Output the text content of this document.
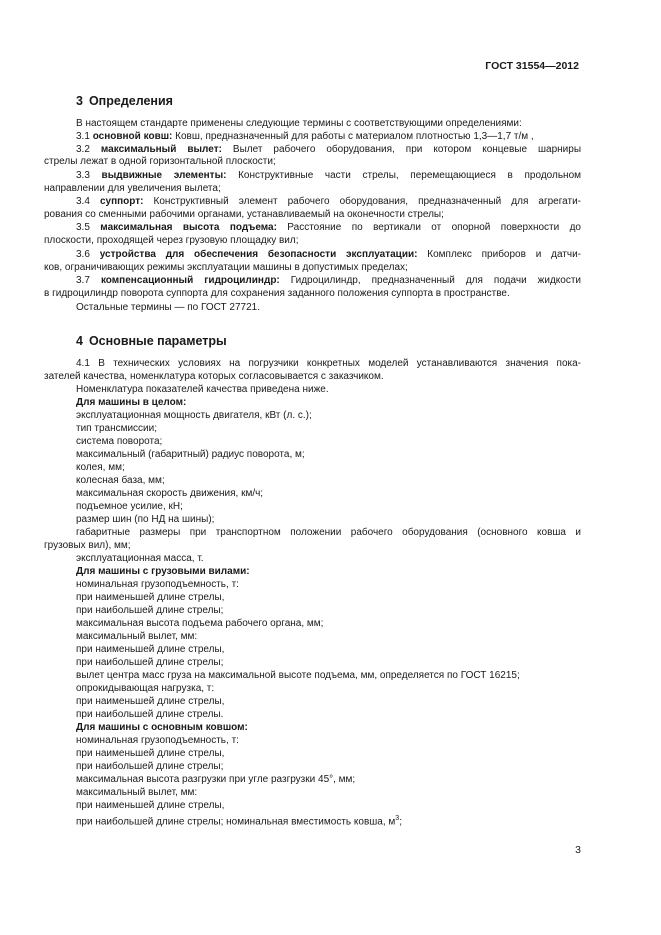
ГОСТ 31554—2012
3 Определения
В настоящем стандарте применены следующие термины с соответствующими определениями:
3.1 основной ковш: Ковш, предназначенный для работы с материалом плотностью 1,3—1,7 т/м ,
3.2 максимальный вылет: Вылет рабочего оборудования, при котором концевые шарниры
стрелы лежат в одной горизонтальной плоскости;
3.3 выдвижные элементы: Конструктивные части стрелы, перемещающиеся в продольном
направлении для увеличения вылета;
3.4 суппорт: Конструктивный элемент рабочего оборудования, предназначенный для агрегати-
рования со сменными рабочими органами, устанавливаемый на оконечности стрелы;
3.5 максимальная высота подъема: Расстояние по вертикали от опорной поверхности до
плоскости, проходящей через грузовую площадку вил;
3.6 устройства для обеспечения безопасности эксплуатации: Комплекс приборов и датчи-
ков, ограничивающих режимы эксплуатации машины в допустимых пределах;
3.7 компенсационный гидроцилиндр: Гидроцилиндр, предназначенный для подачи жидкости
в гидроцилиндр поворота суппорта для сохранения заданного положения суппорта в пространстве.
Остальные термины — по ГОСТ 27721.
4 Основные параметры
4.1 В технических условиях на погрузчики конкретных моделей устанавливаются значения пока-
зателей качества, номенклатура которых согласовывается с заказчиком.
Номенклатура показателей качества приведена ниже.
Для машины в целом:
эксплуатационная мощность двигателя, кВт (л. с.);
тип трансмиссии;
система поворота;
максимальный (габаритный) радиус поворота, м;
колея, мм;
колесная база, мм;
максимальная скорость движения, км/ч;
подъемное усилие, кН;
размер шин (по НД на шины);
габаритные размеры при транспортном положении рабочего оборудования (основного ковша и
грузовых вил), мм;
эксплуатационная масса, т.
Для машины с грузовыми вилами:
номинальная грузоподъемность, т:
при наименьшей длине стрелы,
при наибольшей длине стрелы;
максимальная высота подъема рабочего органа, мм;
максимальный вылет, мм:
при наименьшей длине стрелы,
при наибольшей длине стрелы;
вылет центра масс груза на максимальной высоте подъема, мм, определяется по ГОСТ 16215;
опрокидывающая нагрузка, т:
при наименьшей длине стрелы,
при наибольшей длине стрелы.
Для машины с основным ковшом:
номинальная грузоподъемность, т:
при наименьшей длине стрелы,
при наибольшей длине стрелы;
максимальная высота разгрузки при угле разгрузки 45°, мм;
максимальный вылет, мм:
при наименьшей длине стрелы,
при наибольшей длине стрелы; номинальная вместимость ковша, $м^3$;
3
